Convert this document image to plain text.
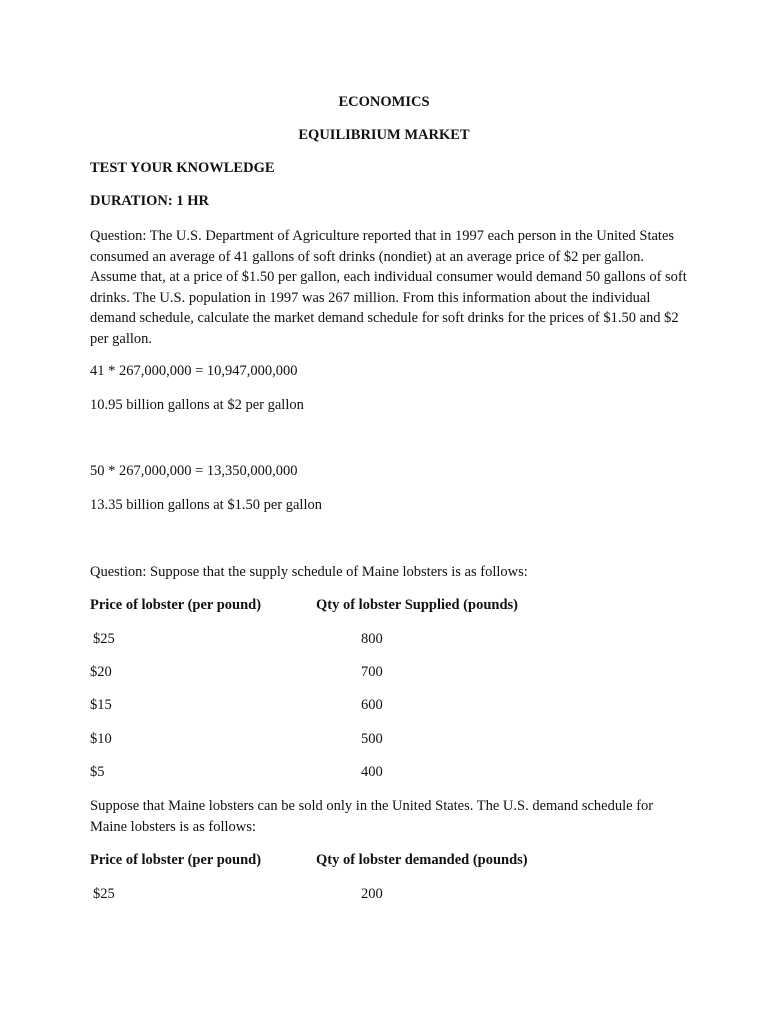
ECONOMICS
EQUILIBRIUM MARKET
TEST YOUR KNOWLEDGE
DURATION: 1 HR
Question: The U.S. Department of Agriculture reported that in 1997 each person in the United States consumed an average of 41 gallons of soft drinks (nondiet) at an average price of $2 per gallon. Assume that, at a price of $1.50 per gallon, each individual consumer would demand 50 gallons of soft drinks. The U.S. population in 1997 was 267 million. From this information about the individual demand schedule, calculate the market demand schedule for soft drinks for the prices of $1.50 and $2 per gallon.
41 * 267,000,000 = 10,947,000,000
10.95 billion gallons at $2 per gallon
50 * 267,000,000 = 13,350,000,000
13.35 billion gallons at $1.50 per gallon
Question: Suppose that the supply schedule of Maine lobsters is as follows:
Price of lobster (per pound)	Qty of lobster Supplied (pounds)
$25	800
$20	700
$15	600
$10	500
$5	400
Suppose that Maine lobsters can be sold only in the United States. The U.S. demand schedule for Maine lobsters is as follows:
Price of lobster (per pound)	Qty of lobster demanded (pounds)
$25	200
